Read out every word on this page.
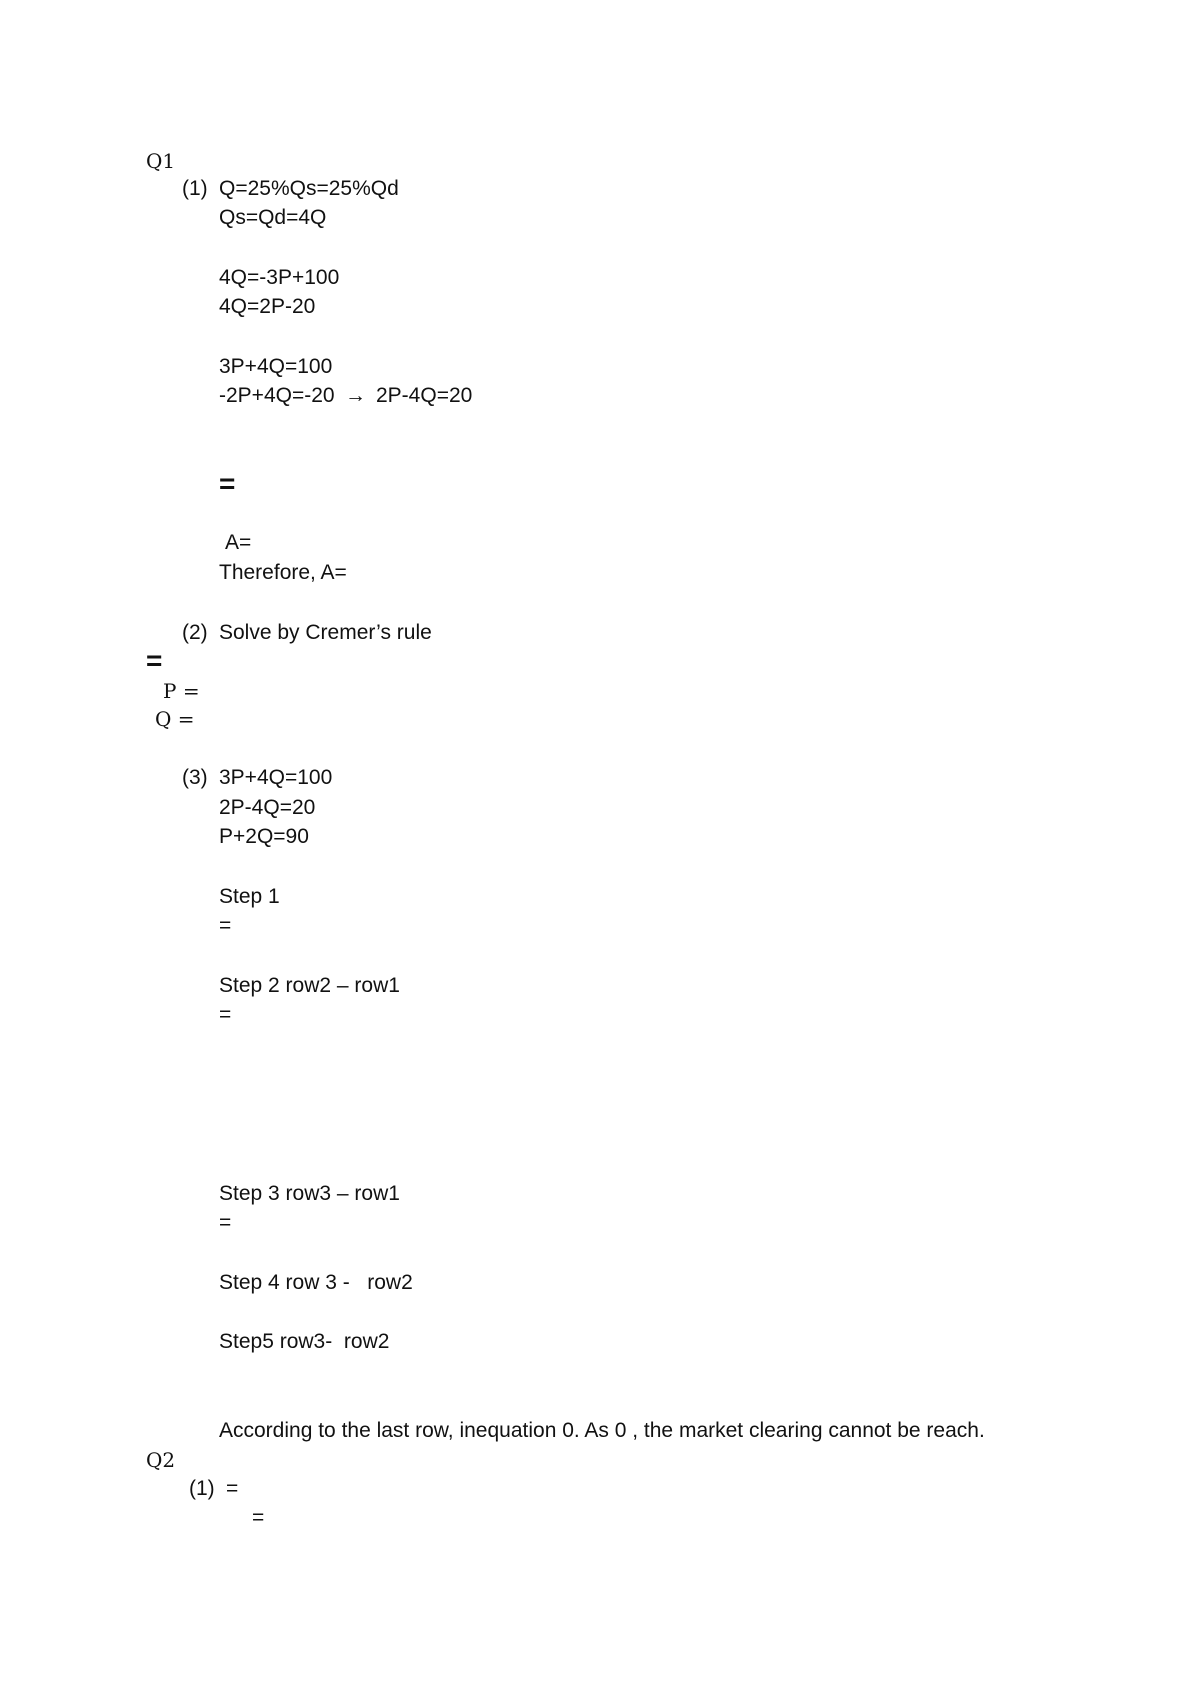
Q1
(1) Q=25%Qs=25%Qd
Qs=Qd=4Q
4Q=-3P+100
4Q=2P-20
3P+4Q=100
-2P+4Q=-20 → 2P-4Q=20
=
A=
Therefore, A=
(2) Solve by Cremer’s rule
=
P =
Q =
(3) 3P+4Q=100
2P-4Q=20
P+2Q=90
Step 1
=
Step 2 row2 – row1
=
Step 3 row3 – row1
=
Step 4 row 3 -   row2
Step5 row3-  row2
According to the last row, inequation 0. As 0 , the market clearing cannot be reach.
Q2
(1) =
=
